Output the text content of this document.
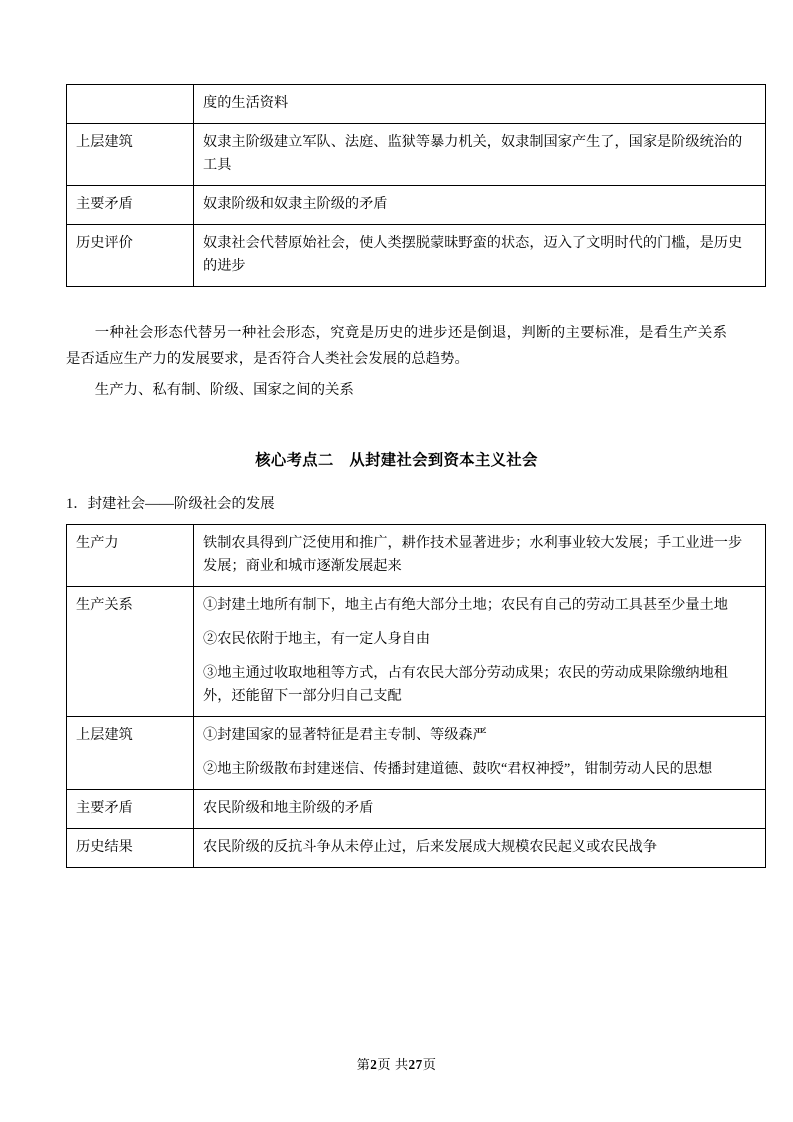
	度的生活资料

上层建筑	奴隶主阶级建立军队、法庭、监狱等暴力机关，奴隶制国家产生了，国家是阶级统治的工具

主要矛盾	奴隶阶级和奴隶主阶级的矛盾

历史评价	奴隶社会代替原始社会，使人类摆脱蒙昧野蛮的状态，迈入了文明时代的门槛，是历史的进步

一种社会形态代替另一种社会形态，究竟是历史的进步还是倒退，判断的主要标准，是看生产关系是否适应生产力的发展要求，是否符合人类社会发展的总趋势。

生产力、私有制、阶级、国家之间的关系

核心考点二　从封建社会到资本主义社会

1．封建社会——阶级社会的发展

生产力	铁制农具得到广泛使用和推广，耕作技术显著进步；水利事业较大发展；手工业进一步发展；商业和城市逐渐发展起来

生产关系	①封建土地所有制下，地主占有绝大部分土地；农民有自己的劳动工具甚至少量土地

②农民依附于地主，有一定人身自由

③地主通过收取地租等方式，占有农民大部分劳动成果；农民的劳动成果除缴纳地租外，还能留下一部分归自己支配

上层建筑	①封建国家的显著特征是君主专制、等级森严

②地主阶级散布封建迷信、传播封建道德、鼓吹“君权神授”，钳制劳动人民的思想

主要矛盾	农民阶级和地主阶级的矛盾

历史结果	农民阶级的反抗斗争从未停止过，后来发展成大规模农民起义或农民战争

第2页 共27页
